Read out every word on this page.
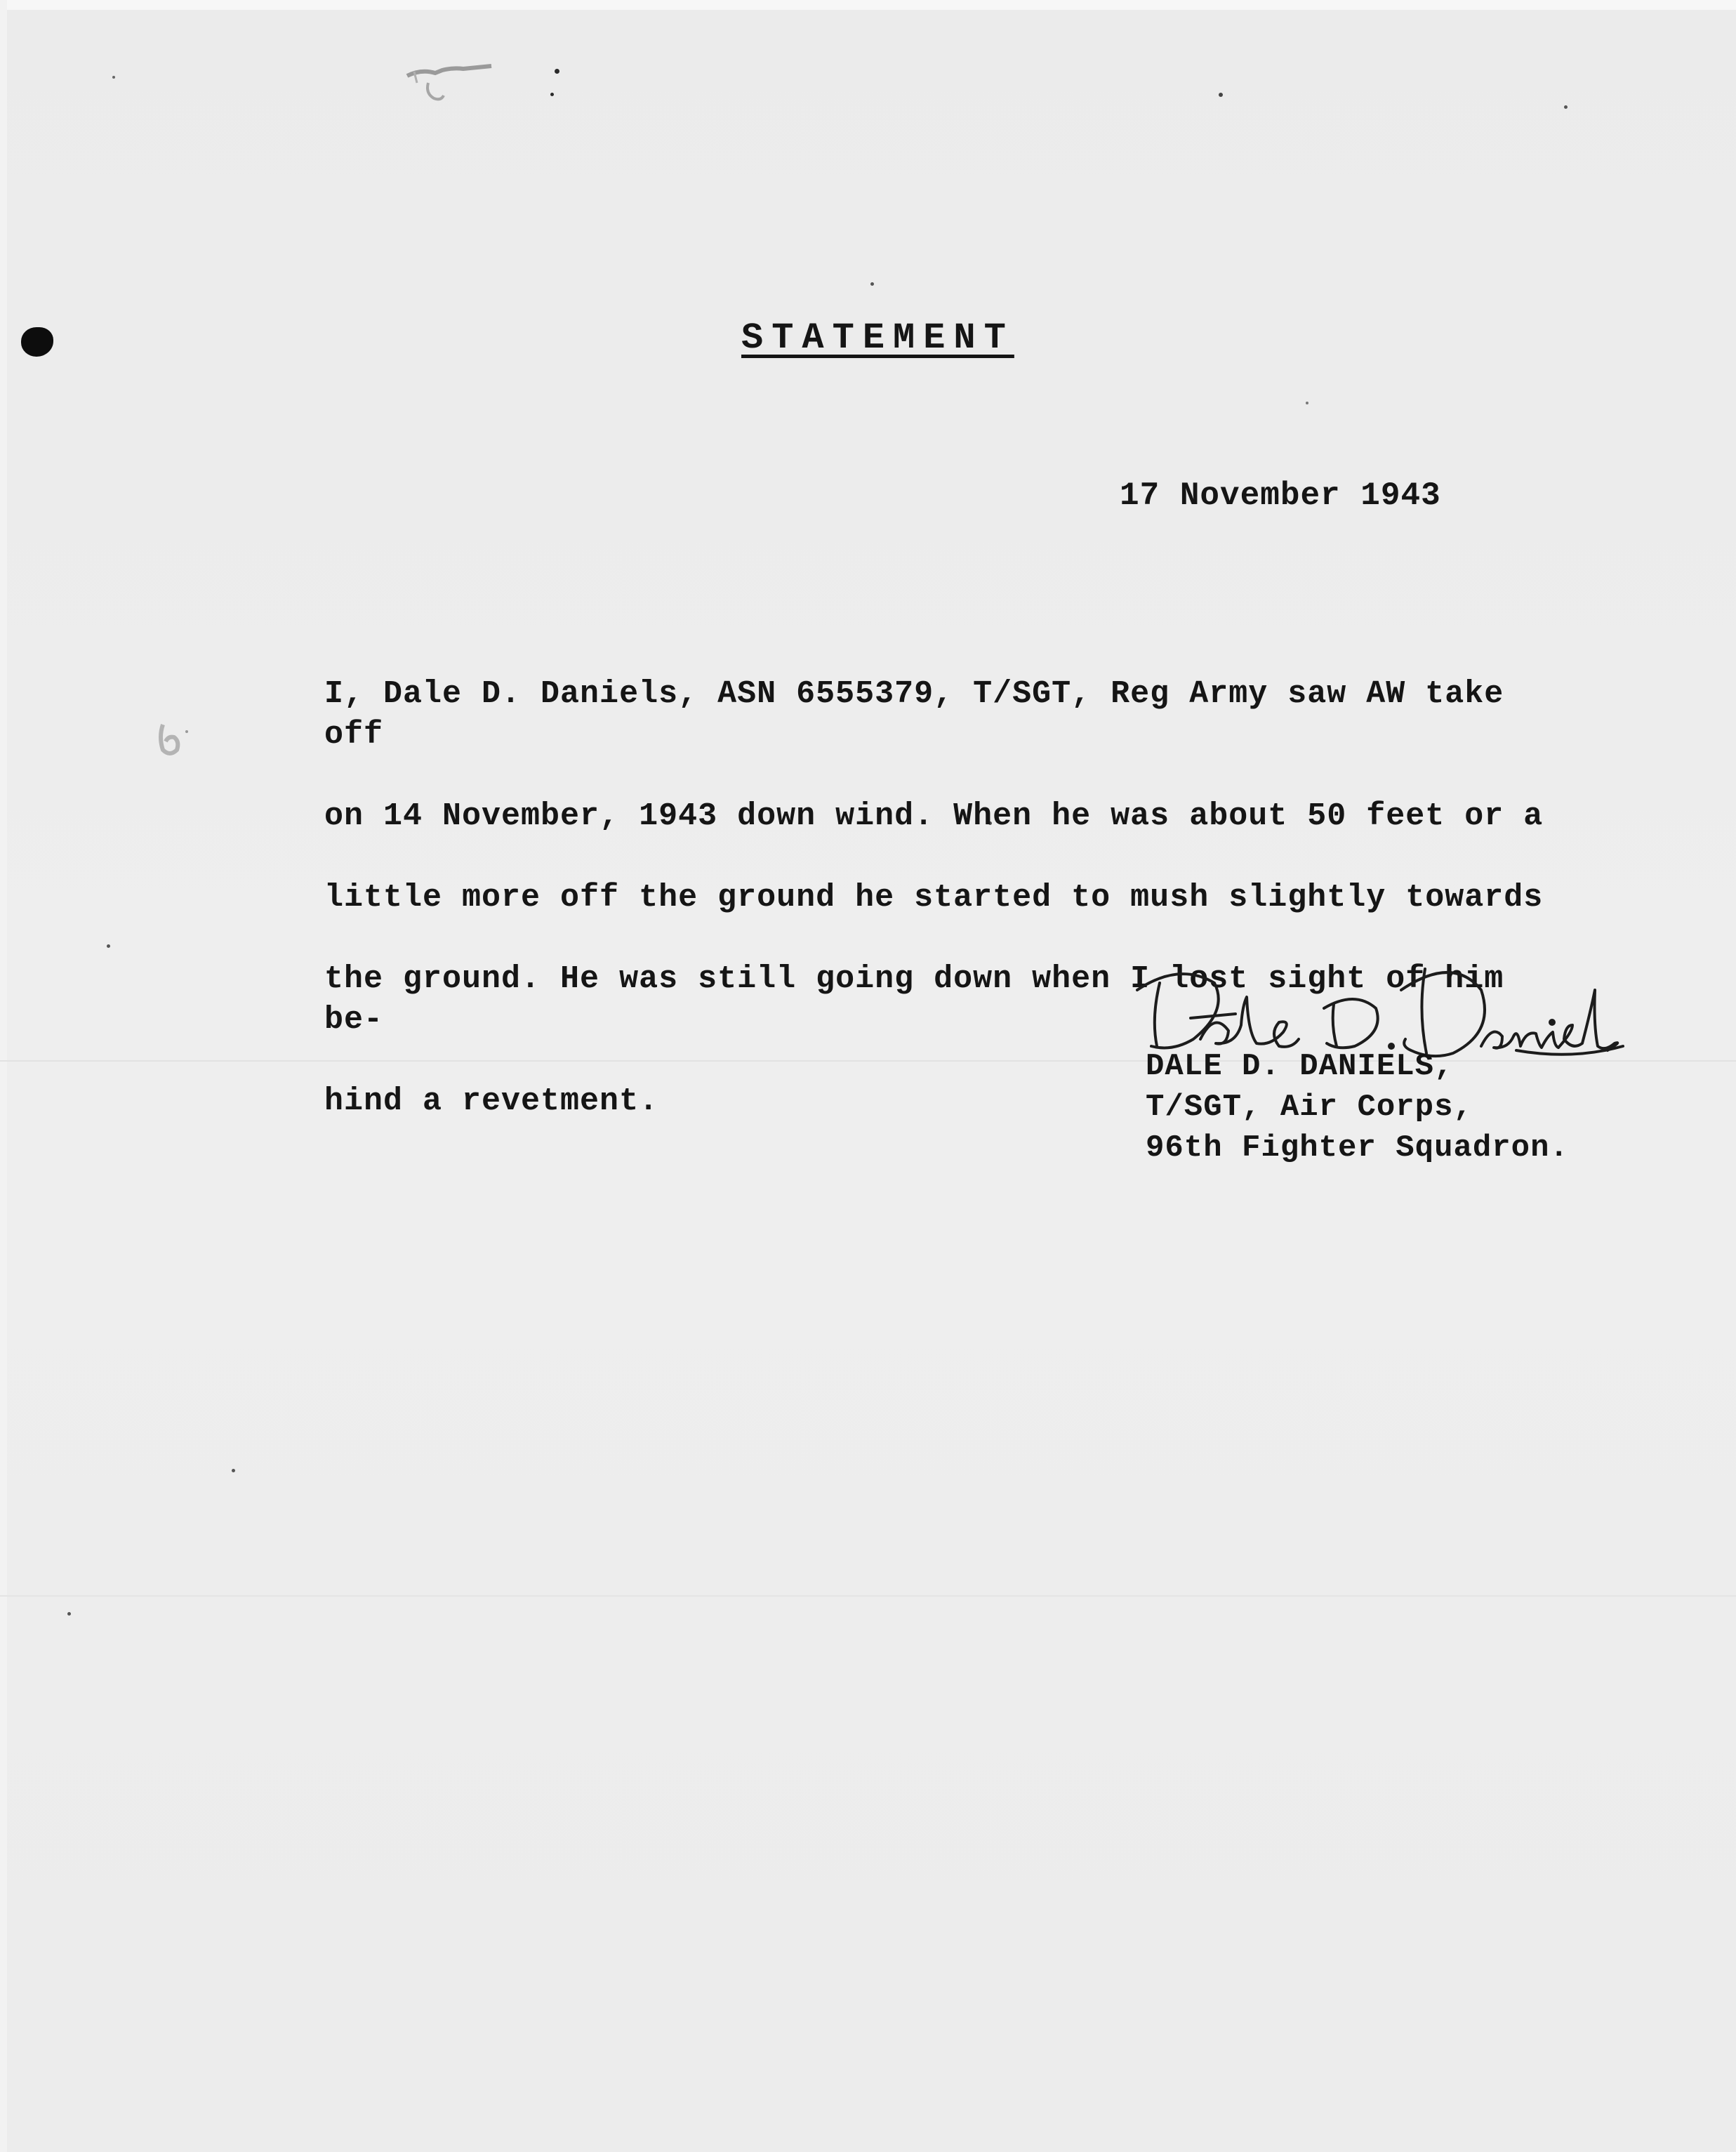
STATEMENT
17 November 1943

I, Dale D. Daniels, ASN 6555379, T/SGT, Reg Army saw AW take off

on 14 November, 1943 down wind. When he was about 50 feet or a

little more off the ground he started to mush slightly towards

the ground. He was still going down when I lost sight of him be-

hind a revetment.

DALE D. DANIELS,
T/SGT, Air Corps,
96th Fighter Squadron.
